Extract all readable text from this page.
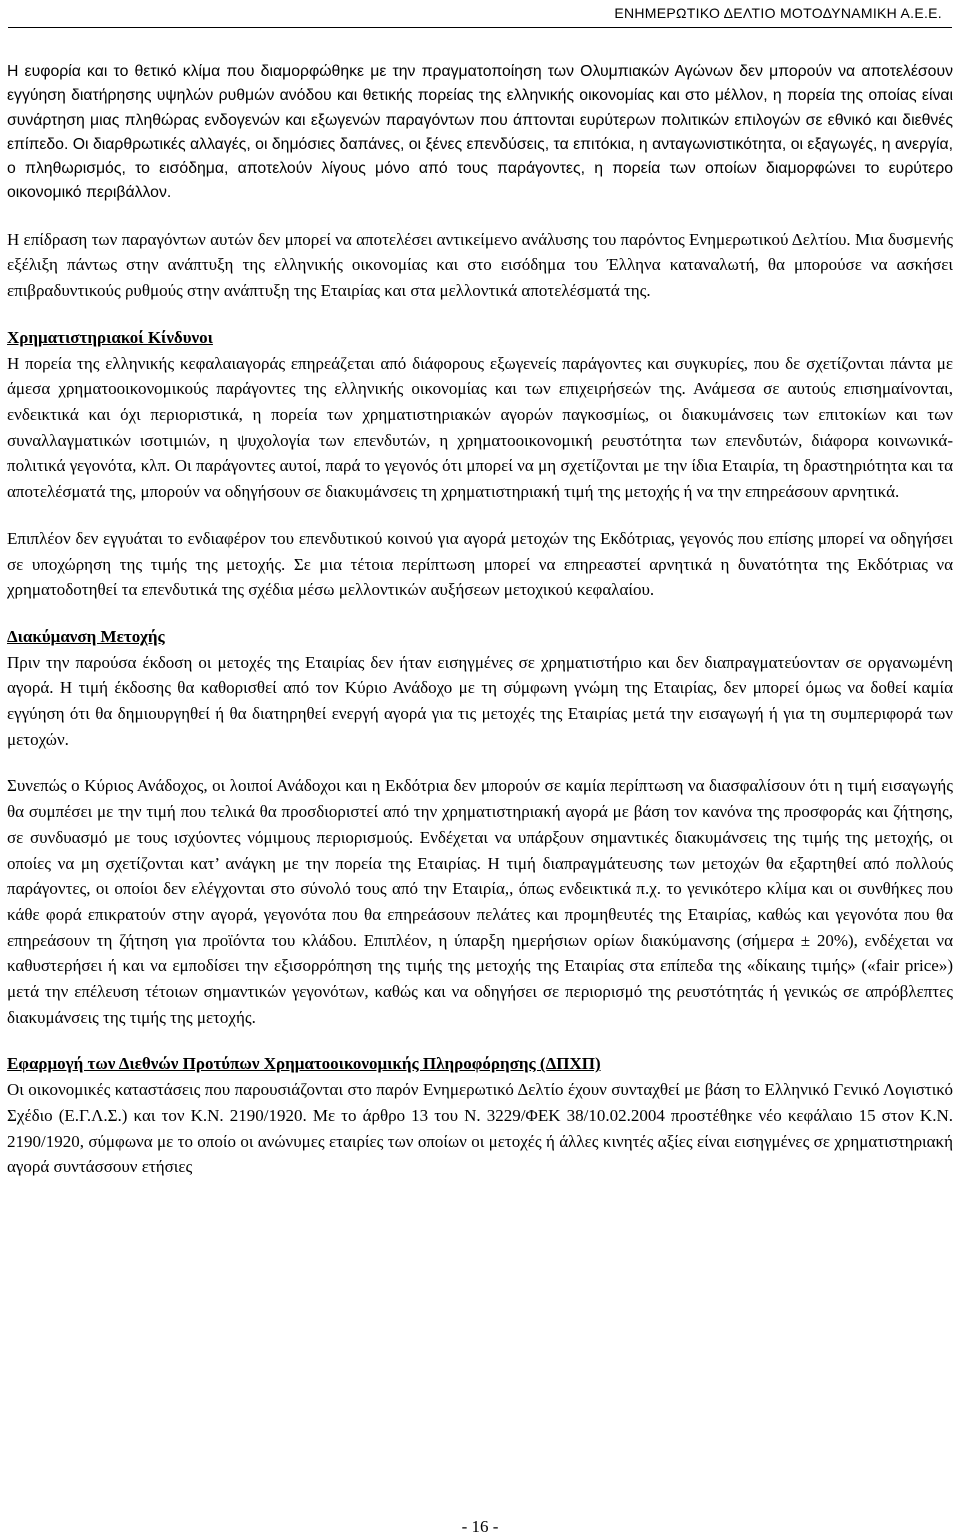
ΕΝΗΜΕΡΩΤΙΚΟ ΔΕΛΤΙΟ ΜΟΤΟΔΥΝΑΜΙΚΗ Α.Ε.Ε.

Η ευφορία και το θετικό κλίμα που διαμορφώθηκε με την πραγματοποίηση των Ολυμπιακών Αγώνων δεν μπορούν να αποτελέσουν εγγύηση διατήρησης υψηλών ρυθμών ανόδου και θετικής πορείας της ελληνικής οικονομίας και στο μέλλον, η πορεία της οποίας είναι συνάρτηση μιας πληθώρας ενδογενών και εξωγενών παραγόντων που άπτονται ευρύτερων πολιτικών επιλογών σε εθνικό και διεθνές επίπεδο. Οι διαρθρωτικές αλλαγές, οι δημόσιες δαπάνες, οι ξένες επενδύσεις, τα επιτόκια, η ανταγωνιστικότητα, οι εξαγωγές, η ανεργία, ο πληθωρισμός, το εισόδημα, αποτελούν λίγους μόνο από τους παράγοντες, η πορεία των οποίων διαμορφώνει το ευρύτερο οικονομικό περιβάλλον.

Η επίδραση των παραγόντων αυτών δεν μπορεί να αποτελέσει αντικείμενο ανάλυσης του παρόντος Ενημερωτικού Δελτίου. Μια δυσμενής εξέλιξη πάντως στην ανάπτυξη της ελληνικής οικονομίας και στο εισόδημα του Έλληνα καταναλωτή, θα μπορούσε να ασκήσει επιβραδυντικούς ρυθμούς στην ανάπτυξη της Εταιρίας και στα μελλοντικά αποτελέσματά της.

Χρηματιστηριακοί Κίνδυνοι

Η πορεία της ελληνικής κεφαλαιαγοράς επηρεάζεται από διάφορους εξωγενείς παράγοντες και συγκυρίες, που δε σχετίζονται πάντα με άμεσα χρηματοοικονομικούς παράγοντες της ελληνικής οικονομίας και των επιχειρήσεών της. Ανάμεσα σε αυτούς επισημαίνονται, ενδεικτικά και όχι περιοριστικά, η πορεία των χρηματιστηριακών αγορών παγκοσμίως, οι διακυμάνσεις των επιτοκίων και των συναλλαγματικών ισοτιμιών, η ψυχολογία των επενδυτών, η χρηματοοικονομική ρευστότητα των επενδυτών, διάφορα κοινωνικά-πολιτικά γεγονότα, κλπ. Οι παράγοντες αυτοί, παρά το γεγονός ότι μπορεί να μη σχετίζονται με την ίδια Εταιρία, τη δραστηριότητα και τα αποτελέσματά της, μπορούν να οδηγήσουν σε διακυμάνσεις τη χρηματιστηριακή τιμή της μετοχής ή να την επηρεάσουν αρνητικά.

Επιπλέον δεν εγγυάται το ενδιαφέρον του επενδυτικού κοινού για αγορά μετοχών της Εκδότριας, γεγονός που επίσης μπορεί να οδηγήσει σε υποχώρηση της τιμής της μετοχής. Σε μια τέτοια περίπτωση μπορεί να επηρεαστεί αρνητικά η δυνατότητα της Εκδότριας να χρηματοδοτηθεί τα επενδυτικά της σχέδια μέσω μελλοντικών αυξήσεων μετοχικού κεφαλαίου.

Διακύμανση Μετοχής

Πριν την παρούσα έκδοση οι μετοχές της Εταιρίας δεν ήταν εισηγμένες σε χρηματιστήριο και δεν διαπραγματεύονταν σε οργανωμένη αγορά. Η τιμή έκδοσης θα καθορισθεί από τον Κύριο Ανάδοχο με τη σύμφωνη γνώμη της Εταιρίας, δεν μπορεί όμως να δοθεί καμία εγγύηση ότι θα δημιουργηθεί ή θα διατηρηθεί ενεργή αγορά για τις μετοχές της Εταιρίας μετά την εισαγωγή ή για τη συμπεριφορά των μετοχών.

Συνεπώς ο Κύριος Ανάδοχος, οι λοιποί Ανάδοχοι και η Εκδότρια δεν μπορούν σε καμία περίπτωση να διασφαλίσουν ότι η τιμή εισαγωγής θα συμπέσει με την τιμή που τελικά θα προσδιοριστεί από την χρηματιστηριακή αγορά με βάση τον κανόνα της προσφοράς και ζήτησης, σε συνδυασμό με τους ισχύοντες νόμιμους περιορισμούς. Ενδέχεται να υπάρξουν σημαντικές διακυμάνσεις της τιμής της μετοχής, οι οποίες να μη σχετίζονται κατ’ ανάγκη με την πορεία της Εταιρίας. Η τιμή διαπραγμάτευσης των μετοχών θα εξαρτηθεί από πολλούς παράγοντες, οι οποίοι δεν ελέγχονται στο σύνολό τους από την Εταιρία,, όπως ενδεικτικά π.χ. το γενικότερο κλίμα και οι συνθήκες που κάθε φορά επικρατούν στην αγορά, γεγονότα που θα επηρεάσουν πελάτες και προμηθευτές της Εταιρίας, καθώς και γεγονότα που θα επηρεάσουν τη ζήτηση για προϊόντα του κλάδου. Επιπλέον, η ύπαρξη ημερήσιων ορίων διακύμανσης (σήμερα ± 20%), ενδέχεται να καθυστερήσει ή και να εμποδίσει την εξισορρόπηση της τιμής της μετοχής της Εταιρίας στα επίπεδα της «δίκαιης τιμής» («fair price») μετά την επέλευση τέτοιων σημαντικών γεγονότων, καθώς και να οδηγήσει σε περιορισμό της ρευστότητάς ή γενικώς σε απρόβλεπτες διακυμάνσεις της τιμής της μετοχής.

Εφαρμογή των Διεθνών Προτύπων Χρηματοοικονομικής Πληροφόρησης (ΔΠΧΠ)

Οι οικονομικές καταστάσεις που παρουσιάζονται στο παρόν Ενημερωτικό Δελτίο έχουν συνταχθεί με βάση το Ελληνικό Γενικό Λογιστικό Σχέδιο (Ε.Γ.Λ.Σ.) και τον Κ.Ν. 2190/1920. Με το άρθρο 13 του Ν. 3229/ΦΕΚ 38/10.02.2004 προστέθηκε νέο κεφάλαιο 15 στον Κ.Ν. 2190/1920, σύμφωνα με το οποίο οι ανώνυμες εταιρίες των οποίων οι μετοχές ή άλλες κινητές αξίες είναι εισηγμένες σε χρηματιστηριακή αγορά συντάσσουν ετήσιες

- 16 -
